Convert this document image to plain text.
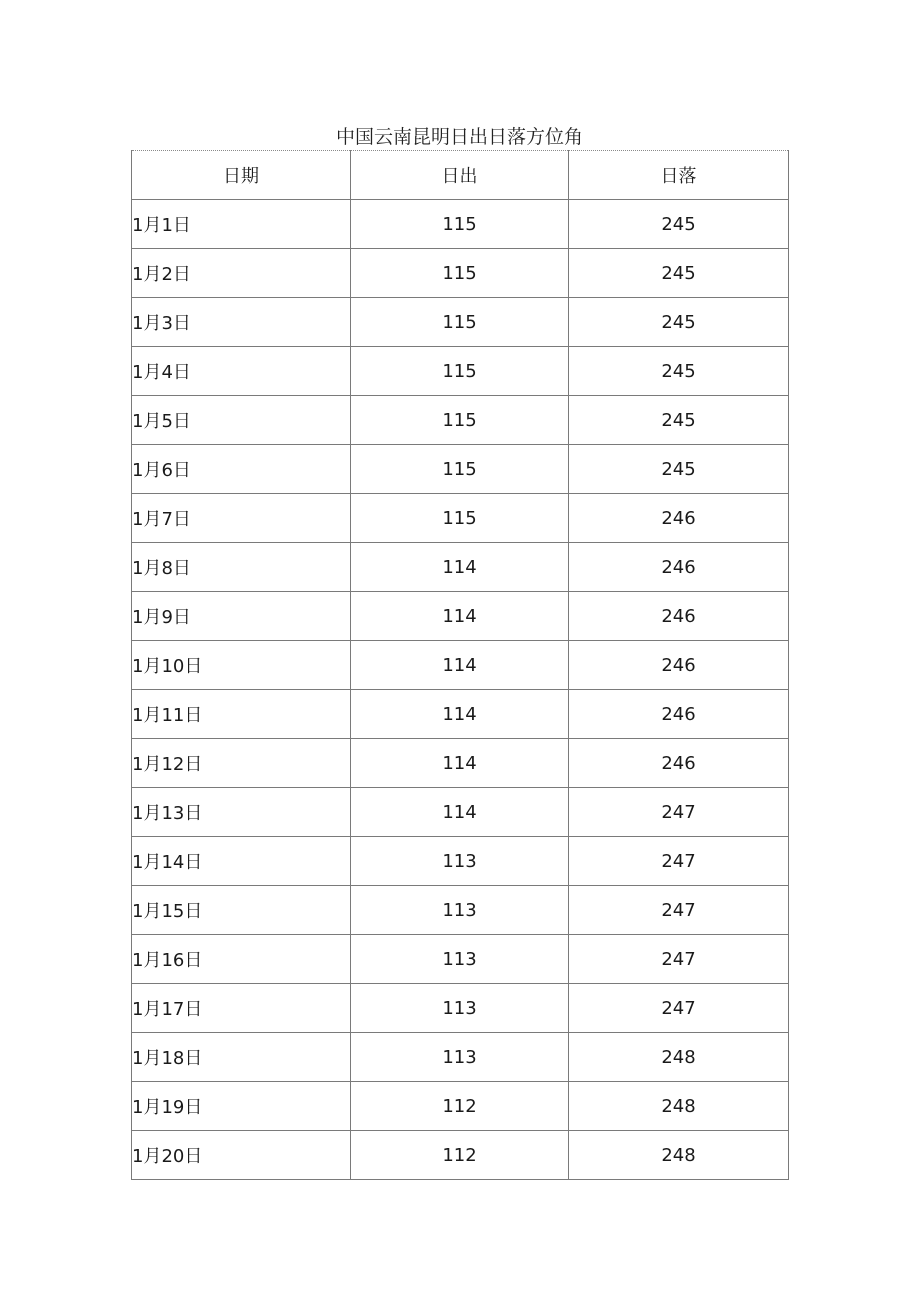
中国云南昆明日出日落方位角
日期	日出	日落
1月1日	115	245
1月2日	115	245
1月3日	115	245
1月4日	115	245
1月5日	115	245
1月6日	115	245
1月7日	115	246
1月8日	114	246
1月9日	114	246
1月10日	114	246
1月11日	114	246
1月12日	114	246
1月13日	114	247
1月14日	113	247
1月15日	113	247
1月16日	113	247
1月17日	113	247
1月18日	113	248
1月19日	112	248
1月20日	112	248
